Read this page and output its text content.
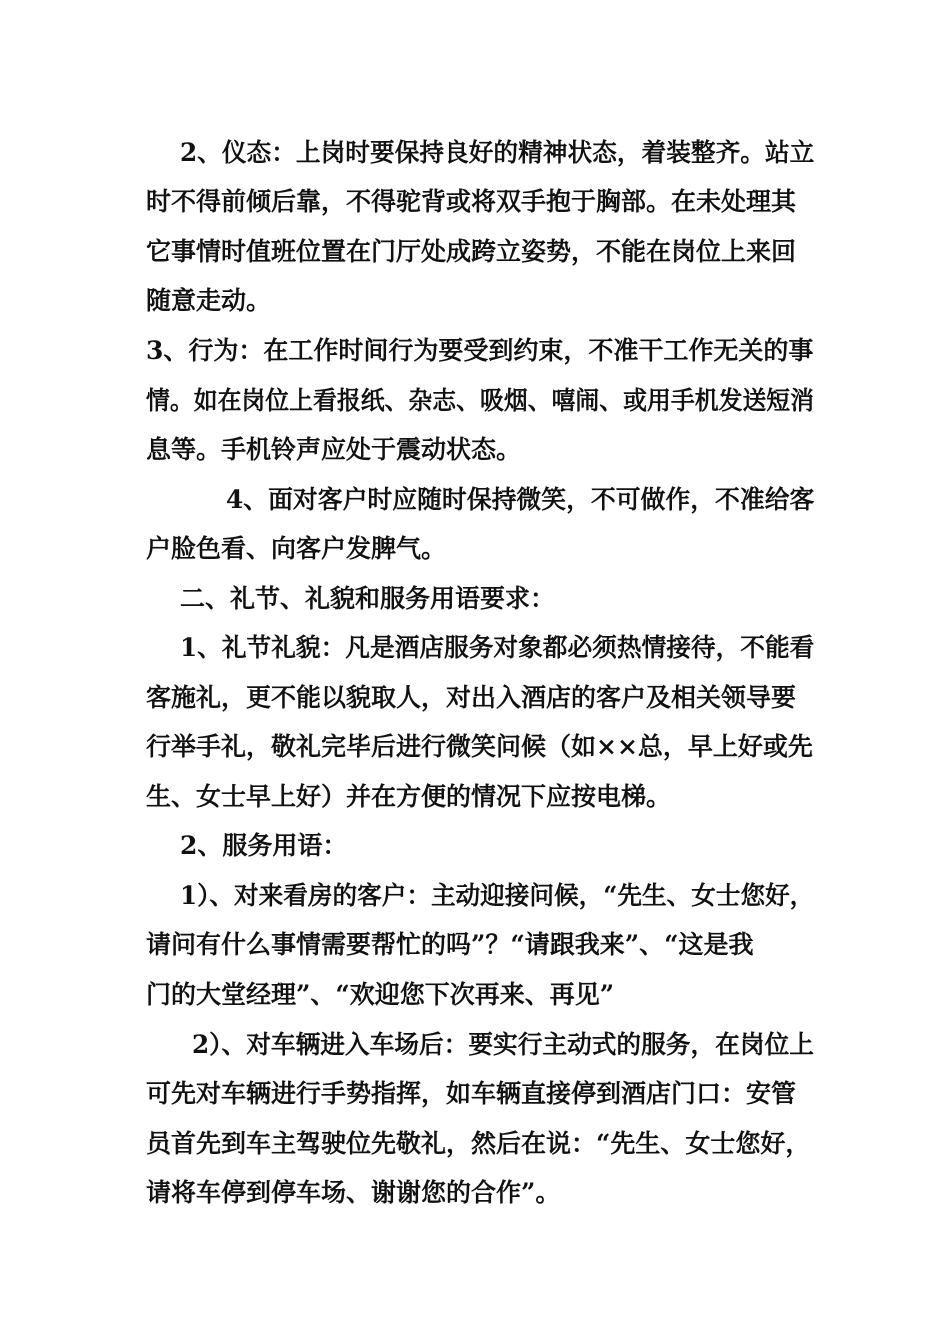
2、仪态：上岗时要保持良好的精神状态，着装整齐。站立
时不得前倾后靠，不得驼背或将双手抱于胸部。在未处理其
它事情时值班位置在门厅处成跨立姿势，不能在岗位上来回
随意走动。
3、行为：在工作时间行为要受到约束，不准干工作无关的事
情。如在岗位上看报纸、杂志、吸烟、嘻闹、或用手机发送短消
息等。手机铃声应处于震动状态。
4、面对客户时应随时保持微笑，不可做作，不准给客
户脸色看、向客户发脾气。
二、礼节、礼貌和服务用语要求：
1、礼节礼貌：凡是酒店服务对象都必须热情接待，不能看
客施礼，更不能以貌取人，对出入酒店的客户及相关领导要
行举手礼，敬礼完毕后进行微笑问候（如××总，早上好或先
生、女士早上好）并在方便的情况下应按电梯。
2、服务用语：
1）、对来看房的客户：主动迎接问候，“先生、女士您好，
请问有什么事情需要帮忙的吗”？“请跟我来”、“这是我
门的大堂经理”、“欢迎您下次再来、再见”
2）、对车辆进入车场后：要实行主动式的服务，在岗位上
可先对车辆进行手势指挥，如车辆直接停到酒店门口：安管
员首先到车主驾驶位先敬礼，然后在说：“先生、女士您好，
请将车停到停车场、谢谢您的合作”。
